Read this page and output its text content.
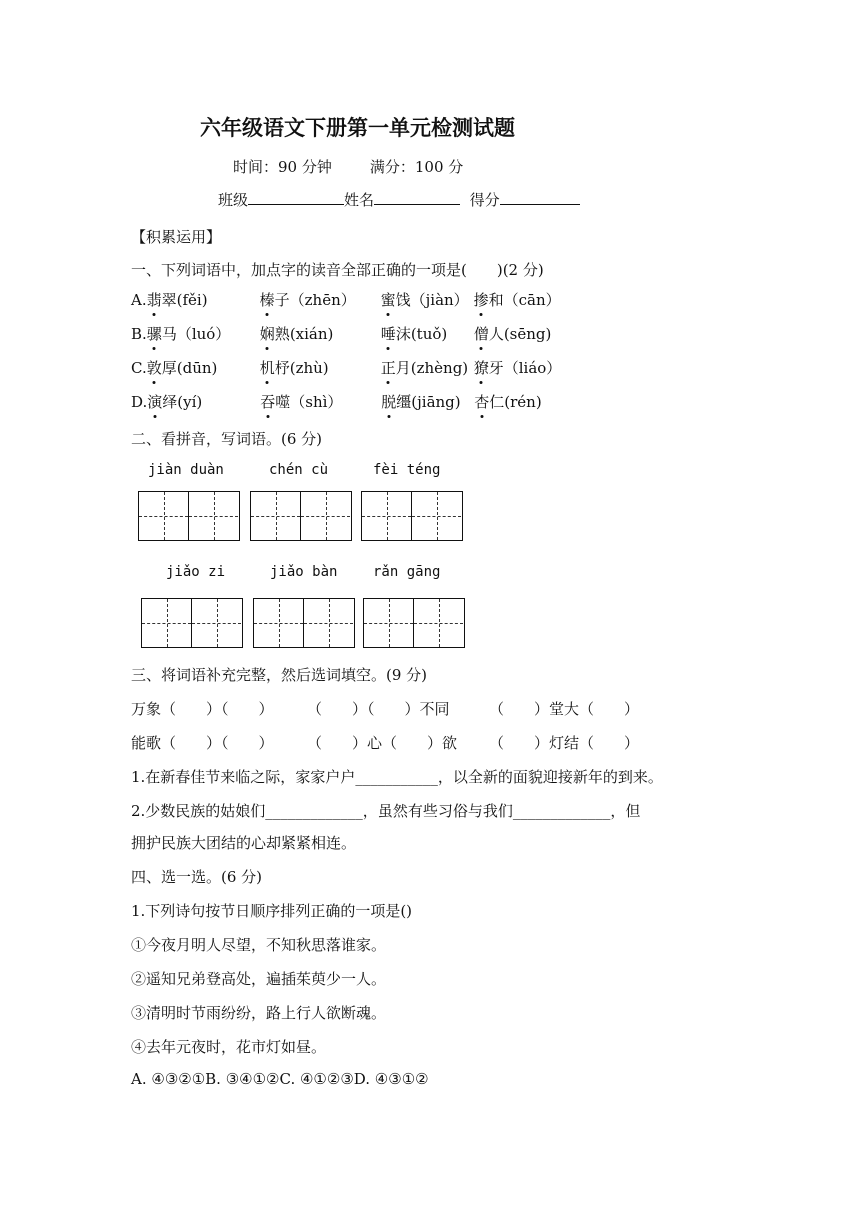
六年级语文下册第一单元检测试题
时间：90 分钟	满分：100 分
班级	姓名	得分
【积累运用】
一、下列词语中，加点字的读音全部正确的一项是(　　)(2 分)
A.翡翠(fěi)	榛子（zhēn） 蜜饯（jiàn） 掺和（cān）
B.骡马（luó） 娴熟(xián)	唾沫(tuǒ) 僧人(sēng)
C.敦厚(dūn)	机杼(zhù)	正月(zhèng) 獠牙（liáo）
D.演绎(yí)	吞噬（shì）	脱缰(jiāng) 杏仁(rén)
二、看拼音，写词语。(6 分)
jiàn duàn	chén cù	fèi téng
jiǎo zi	jiǎo bàn	rǎn gāng
三、将词语补充完整，然后选词填空。(9 分)
万象（　　）（　　） （　　）（　　）不同	（　　）堂大（　　）
能歌（　　）（　　） （　　）心（　　）欲 （　　）灯结（　　）
1.在新春佳节来临之际，家家户户___________，以全新的面貌迎接新年的到来。
2.少数民族的姑娘们_____________，虽然有些习俗与我们_____________，但
拥护民族大团结的心却紧紧相连。
四、选一选。(6 分)
1.下列诗句按节日顺序排列正确的一项是()
①今夜月明人尽望，不知秋思落谁家。
②遥知兄弟登高处，遍插茱萸少一人。
③清明时节雨纷纷，路上行人欲断魂。
④去年元夜时，花市灯如昼。
A. ④③②①B. ③④①②C. ④①②③D. ④③①②
